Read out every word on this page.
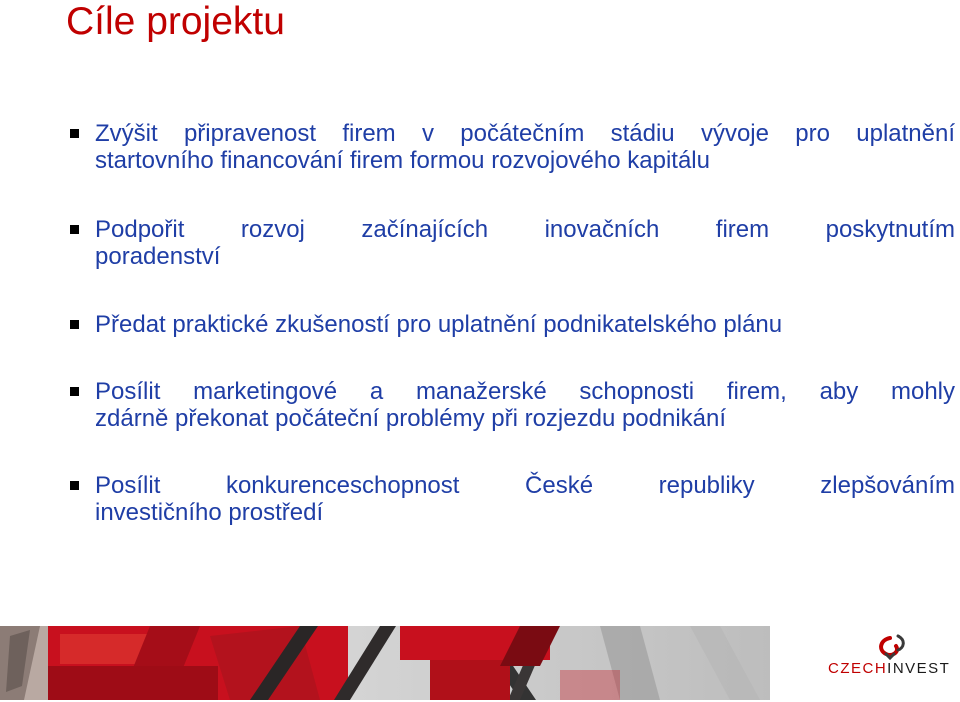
Cíle projektu
Zvýšit připravenost firem v počátečním stádiu vývoje pro uplatnění
startovního financování firem formou rozvojového kapitálu
Podpořit rozvoj začínajících inovačních firem poskytnutím
poradenství
Předat praktické zkušeností pro uplatnění podnikatelského plánu
Posílit marketingové a manažerské schopnosti firem, aby mohly
zdárně překonat počáteční problémy při rozjezdu podnikání
Posílit konkurenceschopnost České republiky zlepšováním
investičního prostředí
CZECHINVEST
